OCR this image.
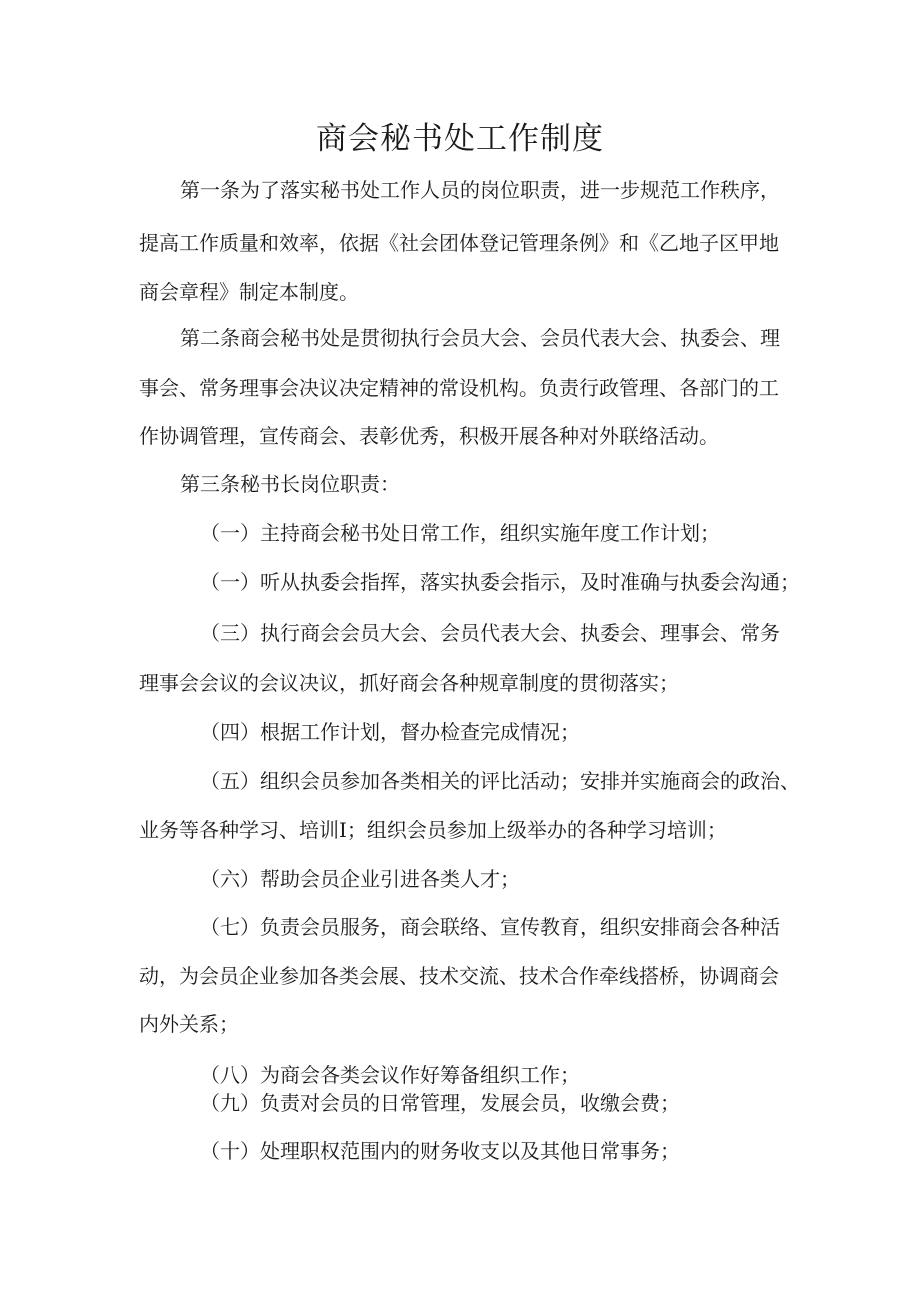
商会秘书处工作制度

第一条为了落实秘书处工作人员的岗位职责，进一步规范工作秩序，

提高工作质量和效率，依据《社会团体登记管理条例》和《乙地子区甲地

商会章程》制定本制度。

第二条商会秘书处是贯彻执行会员大会、会员代表大会、执委会、理

事会、常务理事会决议决定精神的常设机构。负责行政管理、各部门的工

作协调管理，宣传商会、表彰优秀，积极开展各种对外联络活动。

第三条秘书长岗位职责：

（一）主持商会秘书处日常工作，组织实施年度工作计划；

（一）听从执委会指挥，落实执委会指示，及时准确与执委会沟通；

（三）执行商会会员大会、会员代表大会、执委会、理事会、常务

理事会会议的会议决议，抓好商会各种规章制度的贯彻落实；

（四）根据工作计划，督办检查完成情况；

（五）组织会员参加各类相关的评比活动；安排并实施商会的政治、

业务等各种学习、培训Ⅰ；组织会员参加上级举办的各种学习培训；

（六）帮助会员企业引进各类人才；

（七）负责会员服务，商会联络、宣传教育，组织安排商会各种活

动，为会员企业参加各类会展、技术交流、技术合作牵线搭桥，协调商会

内外关系；

（八）为商会各类会议作好筹备组织工作；

（九）负责对会员的日常管理，发展会员，收缴会费；

（十）处理职权范围内的财务收支以及其他日常事务；
